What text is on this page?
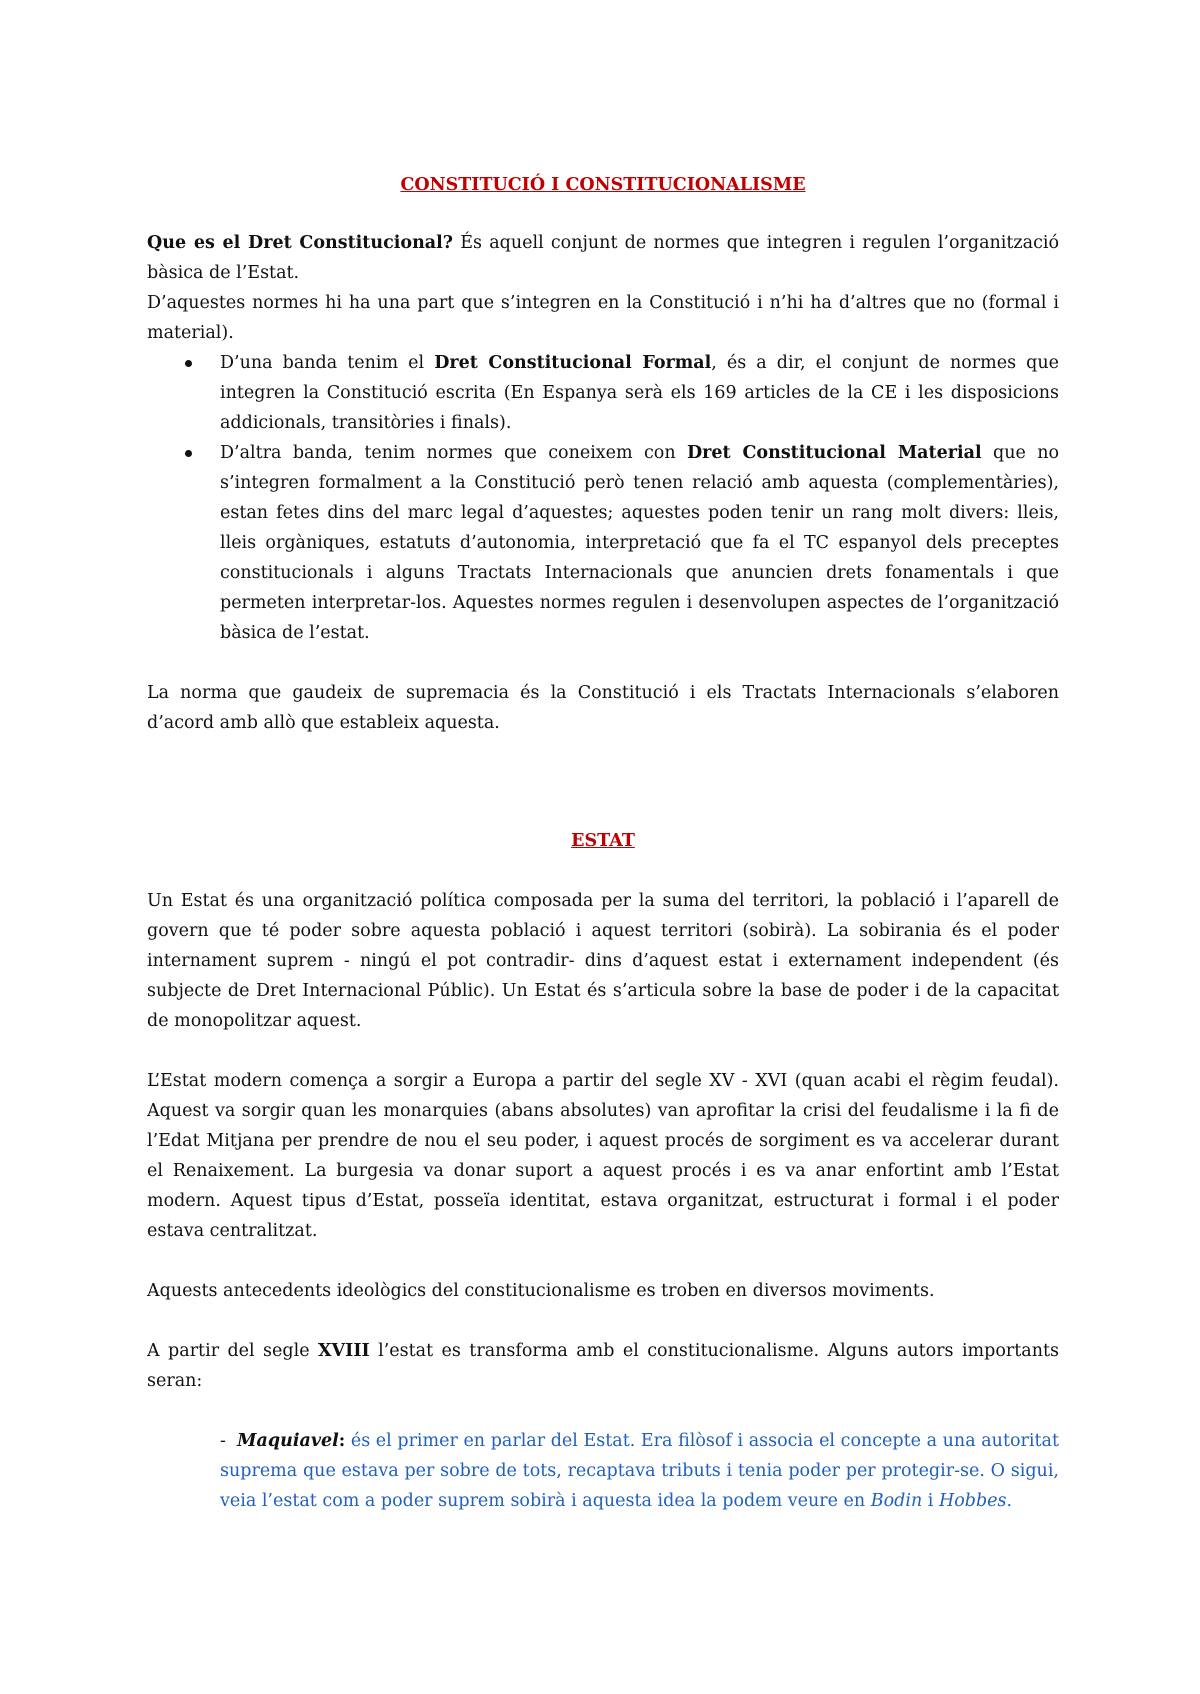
CONSTITUCIÓ I CONSTITUCIONALISME

Que es el Dret Constitucional? És aquell conjunt de normes que integren i regulen l’organització bàsica de l’Estat.

D’aquestes normes hi ha una part que s’integren en la Constitució i n’hi ha d’altres que no (formal i material).

D’una banda tenim el Dret Constitucional Formal, és a dir, el conjunt de normes que integren la Constitució escrita (En Espanya serà els 169 articles de la CE i les disposicions addicionals, transitòries i finals).
D’altra banda, tenim normes que coneixem con Dret Constitucional Material que no s’integren formalment a la Constitució però tenen relació amb aquesta (complementàries), estan fetes dins del marc legal d’aquestes; aquestes poden tenir un rang molt divers: lleis, lleis orgàniques, estatuts d’autonomia, interpretació que fa el TC espanyol dels preceptes constitucionals i alguns Tractats Internacionals que anuncien drets fonamentals i que permeten interpretar-los. Aquestes normes regulen i desenvolupen aspectes de l’organització bàsica de l’estat.

La norma que gaudeix de supremacia és la Constitució i els Tractats Internacionals s’elaboren d’acord amb allò que estableix aquesta.

ESTAT

Un Estat és una organització política composada per la suma del territori, la població i l’aparell de govern que té poder sobre aquesta població i aquest territori (sobirà). La sobirania és el poder internament suprem - ningú el pot contradir- dins d’aquest estat i externament independent (és subjecte de Dret Internacional Públic). Un Estat és s’articula sobre la base de poder i de la capacitat de monopolitzar aquest.

L’Estat modern comença a sorgir a Europa a partir del segle XV - XVI (quan acabi el règim feudal). Aquest va sorgir quan les monarquies (abans absolutes) van aprofitar la crisi del feudalisme i la fi de l’Edat Mitjana per prendre de nou el seu poder, i aquest procés de sorgiment es va accelerar durant el Renaixement. La burgesia va donar suport a aquest procés i es va anar enfortint amb l’Estat modern. Aquest tipus d’Estat, posseïa identitat, estava organitzat, estructurat i formal i el poder estava centralitzat.

Aquests antecedents ideològics del constitucionalisme es troben en diversos moviments.

A partir del segle XVIII l’estat es transforma amb el constitucionalisme. Alguns autors importants seran:

- Maquiavel: és el primer en parlar del Estat. Era filòsof i associa el concepte a una autoritat suprema que estava per sobre de tots, recaptava tributs i tenia poder per protegir-se. O sigui, veia l’estat com a poder suprem sobirà i aquesta idea la podem veure en Bodin i Hobbes.
